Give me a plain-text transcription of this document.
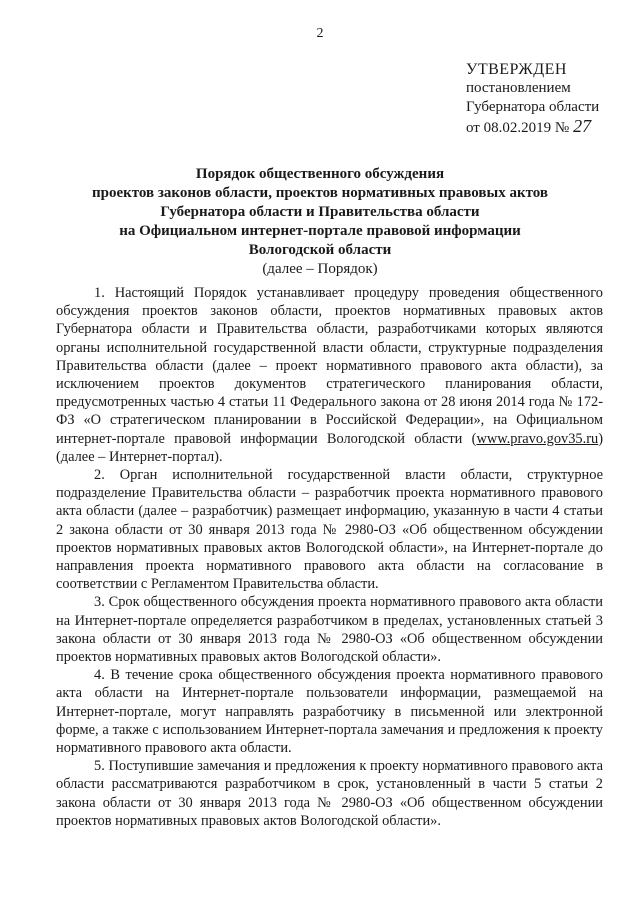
2
УТВЕРЖДЕН
постановлением
Губернатора области
от 08.02.2019 № 27
Порядок общественного обсуждения
проектов законов области, проектов нормативных правовых актов
Губернатора области и Правительства области
на Официальном интернет-портале правовой информации
Вологодской области
(далее – Порядок)

1. Настоящий Порядок устанавливает процедуру проведения общественного обсуждения проектов законов области, проектов нормативных правовых актов Губернатора области и Правительства области, разработчиками которых являются органы исполнительной государственной власти области, структурные подразделения Правительства области (далее – проект нормативного правового акта области), за исключением проектов документов стратегического планирования области, предусмотренных частью 4 статьи 11 Федерального закона от 28 июня 2014 года № 172-ФЗ «О стратегическом планировании в Российской Федерации», на Официальном интернет-портале правовой информации Вологодской области (www.pravo.gov35.ru) (далее – Интернет-портал).

2. Орган исполнительной государственной власти области, структурное подразделение Правительства области – разработчик проекта нормативного правового акта области (далее – разработчик) размещает информацию, указанную в части 4 статьи 2 закона области от 30 января 2013 года № 2980-ОЗ «Об общественном обсуждении проектов нормативных правовых актов Вологодской области», на Интернет-портале до направления проекта нормативного правового акта области на согласование в соответствии с Регламентом Правительства области.

3. Срок общественного обсуждения проекта нормативного правового акта области на Интернет-портале определяется разработчиком в пределах, установленных статьей 3 закона области от 30 января 2013 года № 2980-ОЗ «Об общественном обсуждении проектов нормативных правовых актов Вологодской области».

4. В течение срока общественного обсуждения проекта нормативного правового акта области на Интернет-портале пользователи информации, размещаемой на Интернет-портале, могут направлять разработчику в письменной или электронной форме, а также с использованием Интернет-портала замечания и предложения к проекту нормативного правового акта области.

5. Поступившие замечания и предложения к проекту нормативного правового акта области рассматриваются разработчиком в срок, установленный в части 5 статьи 2 закона области от 30 января 2013 года № 2980-ОЗ «Об общественном обсуждении проектов нормативных правовых актов Вологодской области».
